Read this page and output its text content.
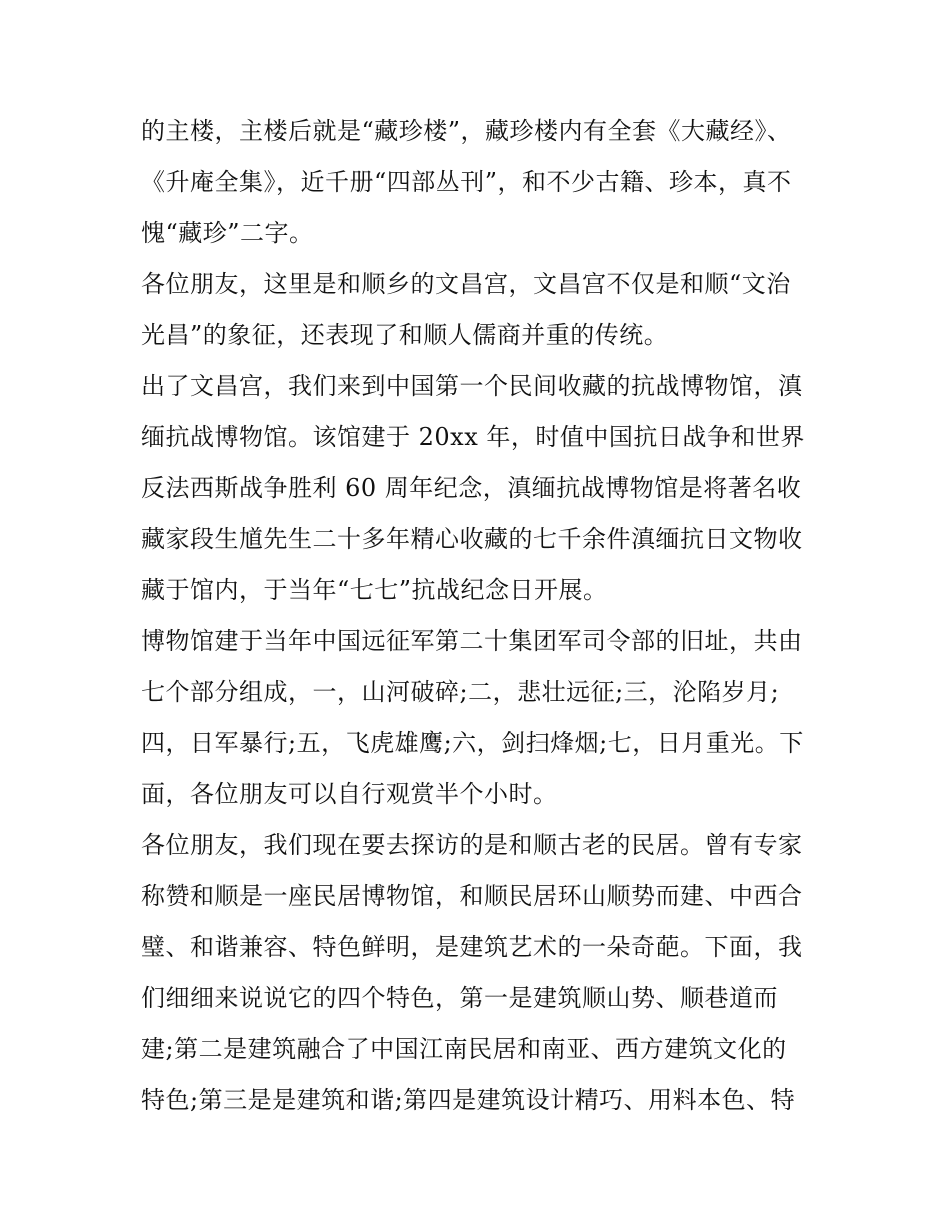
的主楼，主楼后就是“藏珍楼”，藏珍楼内有全套《大藏经》、
《升庵全集》，近千册“四部丛刊”，和不少古籍、珍本，真不
愧“藏珍”二字。
各位朋友，这里是和顺乡的文昌宫，文昌宫不仅是和顺“文治
光昌”的象征，还表现了和顺人儒商并重的传统。
出了文昌宫，我们来到中国第一个民间收藏的抗战博物馆，滇
缅抗战博物馆。该馆建于 20xx 年，时值中国抗日战争和世界
反法西斯战争胜利 60 周年纪念，滇缅抗战博物馆是将著名收
藏家段生馗先生二十多年精心收藏的七千余件滇缅抗日文物收
藏于馆内，于当年“七七”抗战纪念日开展。
博物馆建于当年中国远征军第二十集团军司令部的旧址，共由
七个部分组成，一，山河破碎;二，悲壮远征;三，沦陷岁月;
四，日军暴行;五，飞虎雄鹰;六，剑扫烽烟;七，日月重光。下
面，各位朋友可以自行观赏半个小时。
各位朋友，我们现在要去探访的是和顺古老的民居。曾有专家
称赞和顺是一座民居博物馆，和顺民居环山顺势而建、中西合
璧、和谐兼容、特色鲜明，是建筑艺术的一朵奇葩。下面，我
们细细来说说它的四个特色，第一是建筑顺山势、顺巷道而
建;第二是建筑融合了中国江南民居和南亚、西方建筑文化的
特色;第三是是建筑和谐;第四是建筑设计精巧、用料本色、特
